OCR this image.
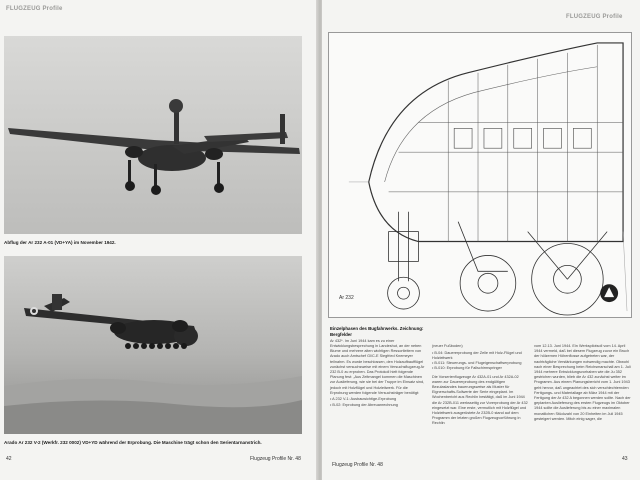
FLUGZEUG Profile
Abflug der Ar 232 A-01 (VD+YA) im November 1942.
Arado Ar 232 V-2 (Werkfr. 232 0002) VD+YD während der Erprobung. Die Maschine trägt schon den Serientarnanstrich.
42	Flugzeug Profile Nr. 48
FLUGZEUG Profile
Ar 232

Einzelphasen des Bugfahrwerks. Zeichnung: Bergfelder

Ar 432*. Im Juni 1944 kam es zu einer Entwicklungsbesprechung in Landeshut, an der neben Blume und mehrere alten wichtigen Ressortleitern von Arado auch Amtschef Gl/C-E Siegfried Knemeyer teilnahm. Es wurde beschlossen, den Holzaufbaufflügel zunächst versuchsweise mit einem Versuchsflugzeug Ar 232 B-0 zu erproben. Das Protokoll hielt folgende Planung fest: „Aus Zeitmangel kommen die Maschinen zur Auslieferung, wie sie bei der Truppe im Einsatz sind, jedoch mit Holzflügel und Holzleitwerk. Für die Erprobung werden folgende Versuchsträger benötigt:

• A 232 V-1: Ausbauwichtige-Erprobung
• B-02: Erprobung der Abreuanrechnung

(neuer Fußboden)

• B-04: Dauererprobung der Zelle mit Holz-Flügel und Holzleitwerk
• B-011: Steuerungs- und Flugeigenschaftserprobung
• B-010: Erprobung für Fallschirmspringer

Die Vorserienflugzeuge Ar 432A-01 und Ar 432A-02 waren zur Dauererprobung des endgültigen Bezulaslandes bauerungsweise als Muster für Eignerschafts-Sollwerte der Serie eingeplant. Im Wochenbericht aus Rechlin bestätigt, daß im Juni 1944 die Ar 232B-011 werksseitig zur Vorerprobung der Ar 432 eingesetzt war. Eine erste, vermutlich mit Holzflügel und Holzleitwerk ausgerüstete Ar 232B-0 stand auf dem Programm der letzten großen Flugzeugvorführung in Rechlin

vom 12.13. Juni 1944. Ein Werkspilotsoll vom 14. April 1944 vermeld, daß bei diesem Flugzeug zuvor ein Bruch der hölzernen Höhenflosse aufgetreten war, der nachträgliche Verstärkungen notwendig machte. Obwohl nach einer Besprechung beim Reichsmarschall am 1. Juli 1944 mehrere Entwicklungsvorhaben wie die Ju 352 gestrichen wurden, blieb die Ar 432 zunächst weiter im Programm. Aus einem Planungsbericht vom 1. Juni 1943 geht hervor, daß ungeachtet des sich verschlechternden Fertigungs- und Materiallage ab März 1944 mit der Fertigung der Ar 432 A begonnen werden sollte. Nach der geplanten Auslieferung des ersten Flugzeugs im Oktober 1944 sollte die Auslieferung bis zu einer maximalen monatlichen Stückzahl von 20 Einheiten im Juli 1945 gesteigert werden. Mitch einig sager, die

Flugzeug Profile Nr. 48
43
